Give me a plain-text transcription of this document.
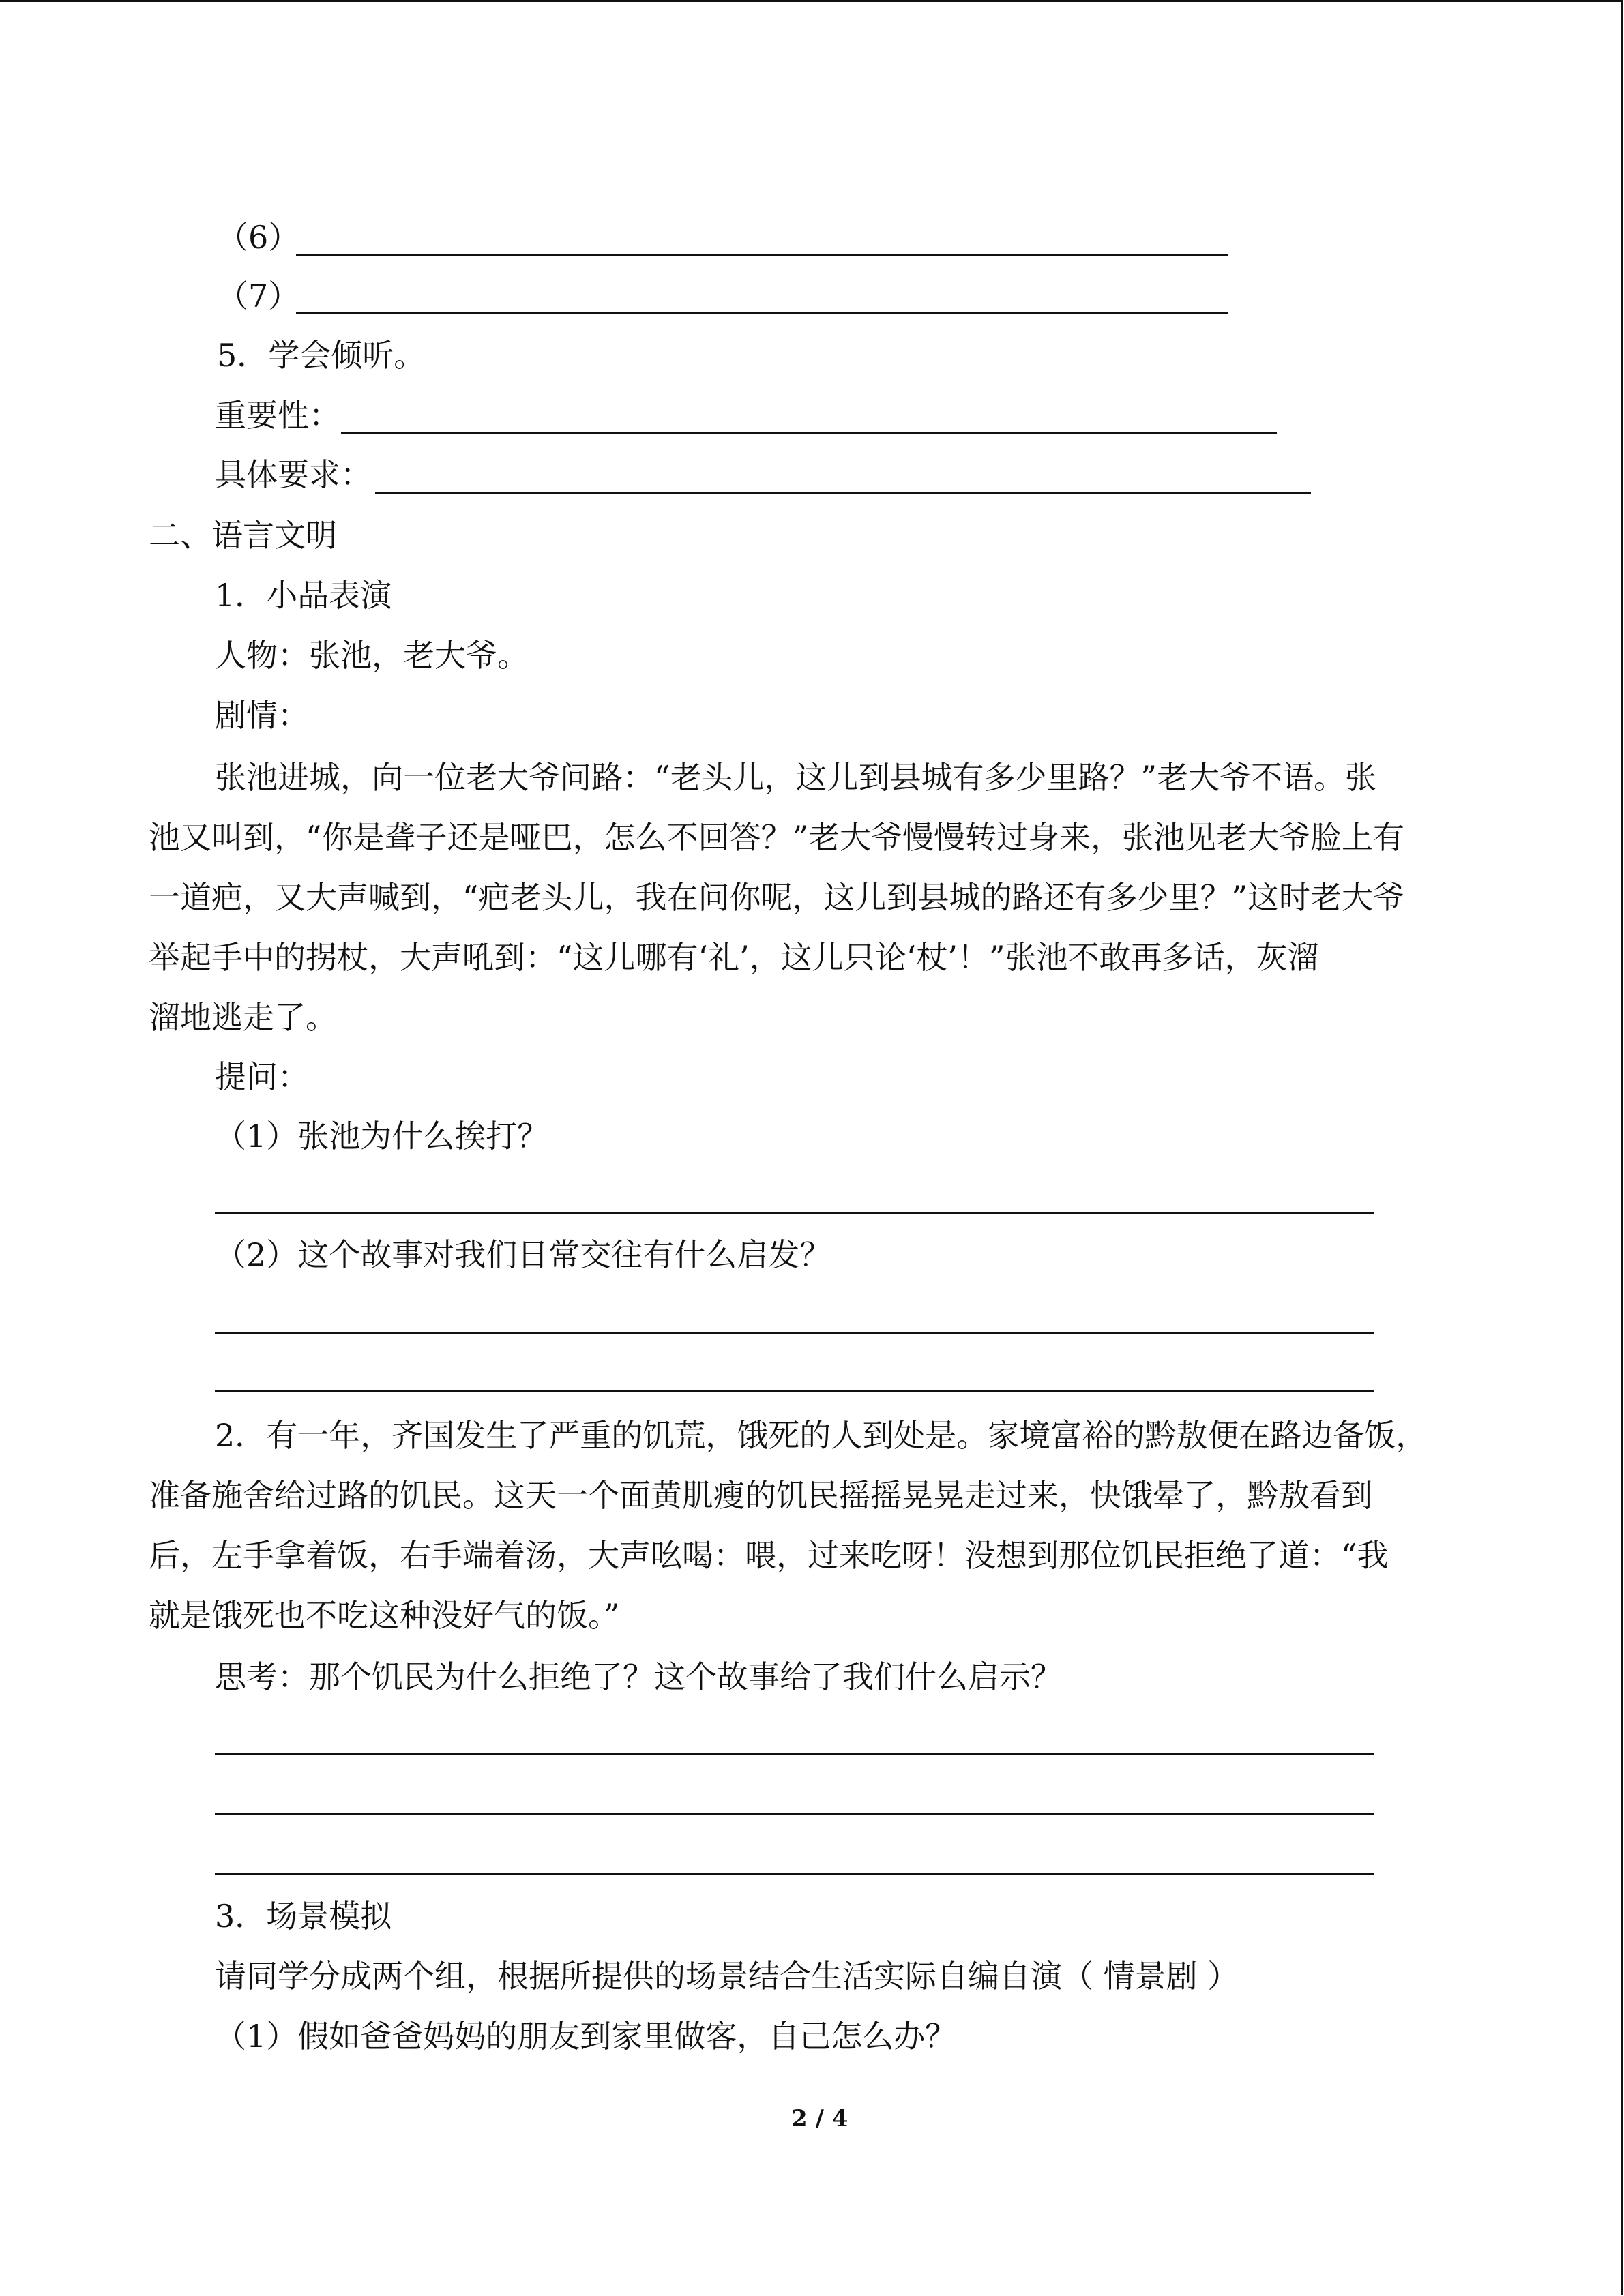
（6）
（7）
5．学会倾听。
重要性：
具体要求：
二、语言文明
1．小品表演
人物：张池，老大爷。
剧情：
张池进城，向一位老大爷问路：“老头儿，这儿到县城有多少里路？”老大爷不语。张
池又叫到，“你是聋子还是哑巴，怎么不回答？”老大爷慢慢转过身来，张池见老大爷脸上有
一道疤，又大声喊到，“疤老头儿，我在问你呢，这儿到县城的路还有多少里？”这时老大爷
举起手中的拐杖，大声吼到：“这儿哪有‘礼’，这儿只论‘杖’！”张池不敢再多话，灰溜
溜地逃走了。
提问：
（1）张池为什么挨打？
（2）这个故事对我们日常交往有什么启发？
2．有一年，齐国发生了严重的饥荒，饿死的人到处是。家境富裕的黔敖便在路边备饭，
准备施舍给过路的饥民。这天一个面黄肌瘦的饥民摇摇晃晃走过来，快饿晕了，黔敖看到
后，左手拿着饭，右手端着汤，大声吆喝：喂，过来吃呀！没想到那位饥民拒绝了道：“我
就是饿死也不吃这种没好气的饭。”
思考：那个饥民为什么拒绝了？这个故事给了我们什么启示？
3．场景模拟
请同学分成两个组，根据所提供的场景结合生活实际自编自演（ 情景剧 ）
（1）假如爸爸妈妈的朋友到家里做客，自己怎么办？
2 / 4
